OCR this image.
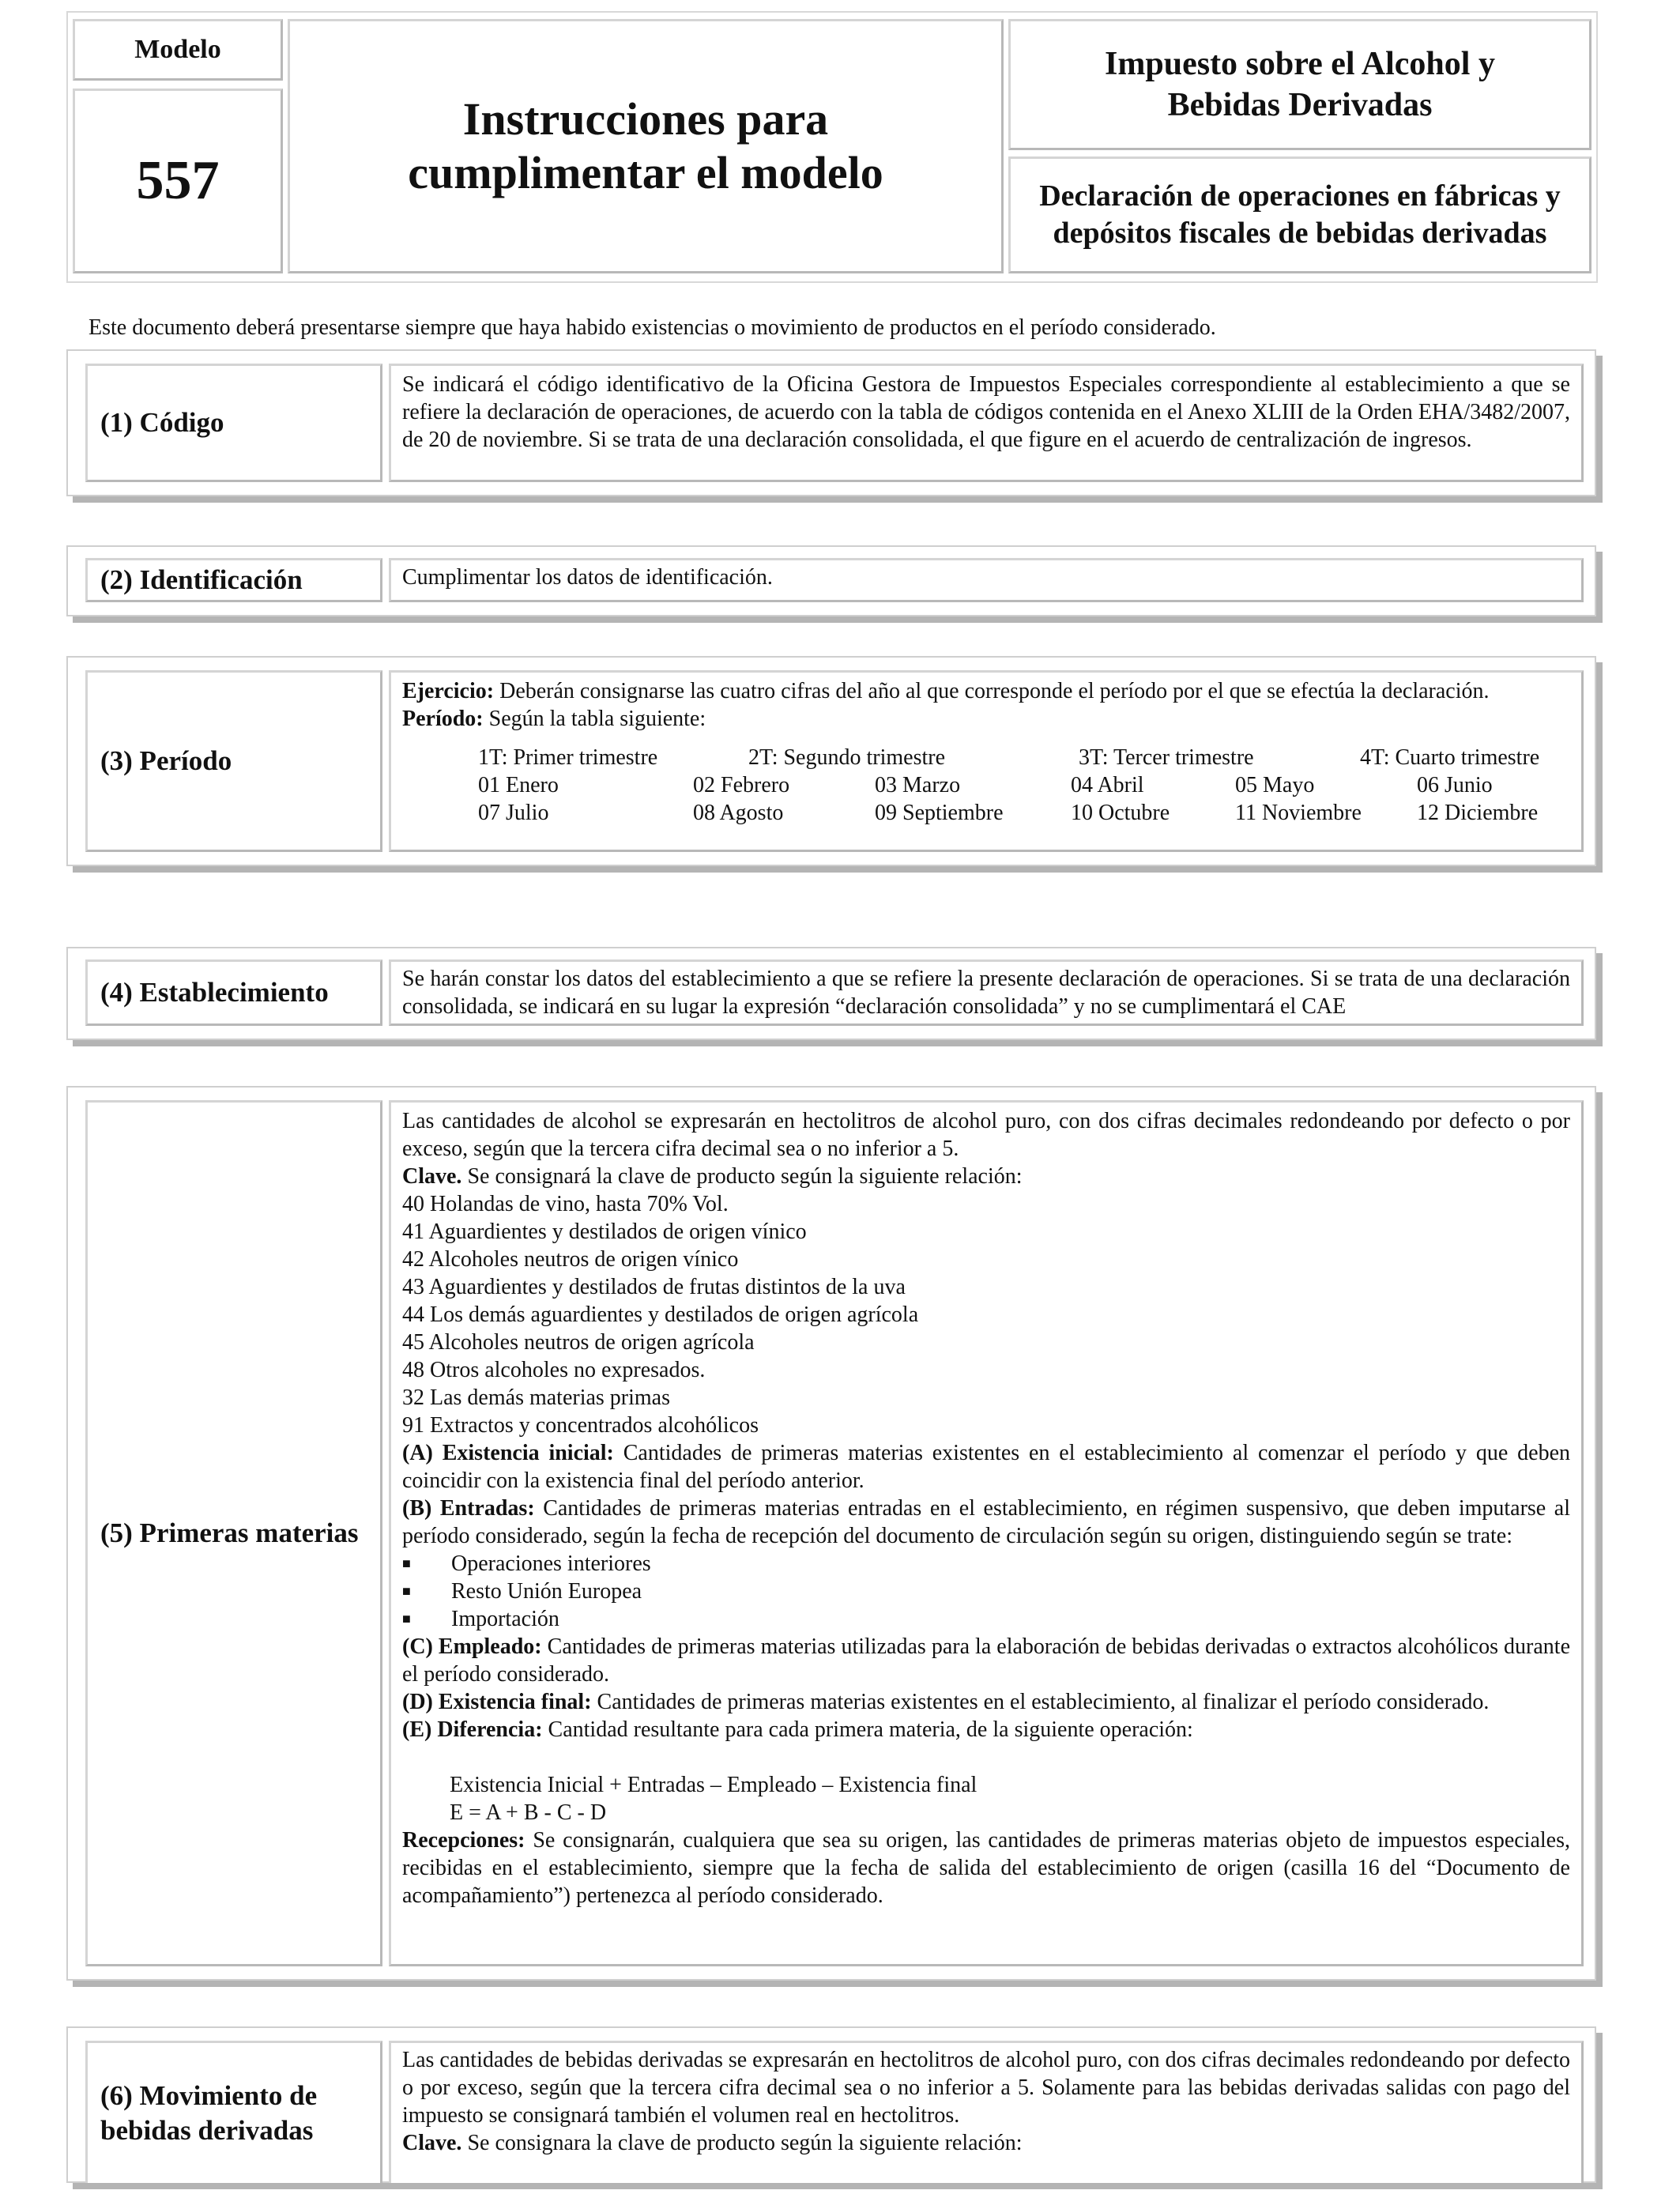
Modelo
557
Instrucciones para cumplimentar el modelo
Impuesto sobre el Alcohol y Bebidas Derivadas
Declaración de operaciones en fábricas y depósitos fiscales de bebidas derivadas
Este documento deberá presentarse siempre que haya habido existencias o movimiento de productos en el período considerado.
(1) Código
Se indicará el código identificativo de la Oficina Gestora de Impuestos Especiales correspondiente al establecimiento a que se refiere la declaración de operaciones, de acuerdo con la tabla de códigos contenida en el Anexo XLIII de la Orden EHA/3482/2007, de 20 de noviembre. Si se trata de una declaración consolidada, el que figure en el acuerdo de centralización de ingresos.
(2) Identificación	Cumplimentar los datos de identificación.
(3) Período
Ejercicio: Deberán consignarse las cuatro cifras del año al que corresponde el período por el que se efectúa la declaración.
Período: Según la tabla siguiente:
1T: Primer trimestre	2T: Segundo trimestre	3T: Tercer trimestre	4T: Cuarto trimestre
01 Enero	02 Febrero	03 Marzo	04 Abril	05 Mayo	06 Junio
07 Julio	08 Agosto	09 Septiembre	10 Octubre	11 Noviembre	12 Diciembre
(4) Establecimiento	Se harán constar los datos del establecimiento a que se refiere la presente declaración de operaciones. Si se trata de una declaración consolidada, se indicará en su lugar la expresión “declaración consolidada” y no se cumplimentará el CAE
(5) Primeras materias
Las cantidades de alcohol se expresarán en hectolitros de alcohol puro, con dos cifras decimales redondeando por defecto o por exceso, según que la tercera cifra decimal sea o no inferior a 5.
Clave. Se consignará la clave de producto según la siguiente relación:
40 Holandas de vino, hasta 70% Vol.
41 Aguardientes y destilados de origen vínico
42 Alcoholes neutros de origen vínico
43 Aguardientes y destilados de frutas distintos de la uva
44 Los demás aguardientes y destilados de origen agrícola
45 Alcoholes neutros de origen agrícola
48 Otros alcoholes no expresados.
32 Las demás materias primas
91 Extractos y concentrados alcohólicos
(A) Existencia inicial: Cantidades de primeras materias existentes en el establecimiento al comenzar el período y que deben coincidir con la existencia final del período anterior.
(B) Entradas: Cantidades de primeras materias entradas en el establecimiento, en régimen suspensivo, que deben imputarse al período considerado, según la fecha de recepción del documento de circulación según su origen, distinguiendo según se trate:
■ Operaciones interiores
■ Resto Unión Europea
■ Importación
(C) Empleado: Cantidades de primeras materias utilizadas para la elaboración de bebidas derivadas o extractos alcohólicos durante el período considerado.
(D) Existencia final: Cantidades de primeras materias existentes en el establecimiento, al finalizar el período considerado.
(E) Diferencia: Cantidad resultante para cada primera materia, de la siguiente operación:
Existencia Inicial + Entradas – Empleado – Existencia final
E = A + B - C - D
Recepciones: Se consignarán, cualquiera que sea su origen, las cantidades de primeras materias objeto de impuestos especiales, recibidas en el establecimiento, siempre que la fecha de salida del establecimiento de origen (casilla 16 del “Documento de acompañamiento”) pertenezca al período considerado.
(6) Movimiento de bebidas derivadas
Las cantidades de bebidas derivadas se expresarán en hectolitros de alcohol puro, con dos cifras decimales redondeando por defecto o por exceso, según que la tercera cifra decimal sea o no inferior a 5. Solamente para las bebidas derivadas salidas con pago del impuesto se consignará también el volumen real en hectolitros.
Clave. Se consignara la clave de producto según la siguiente relación:
